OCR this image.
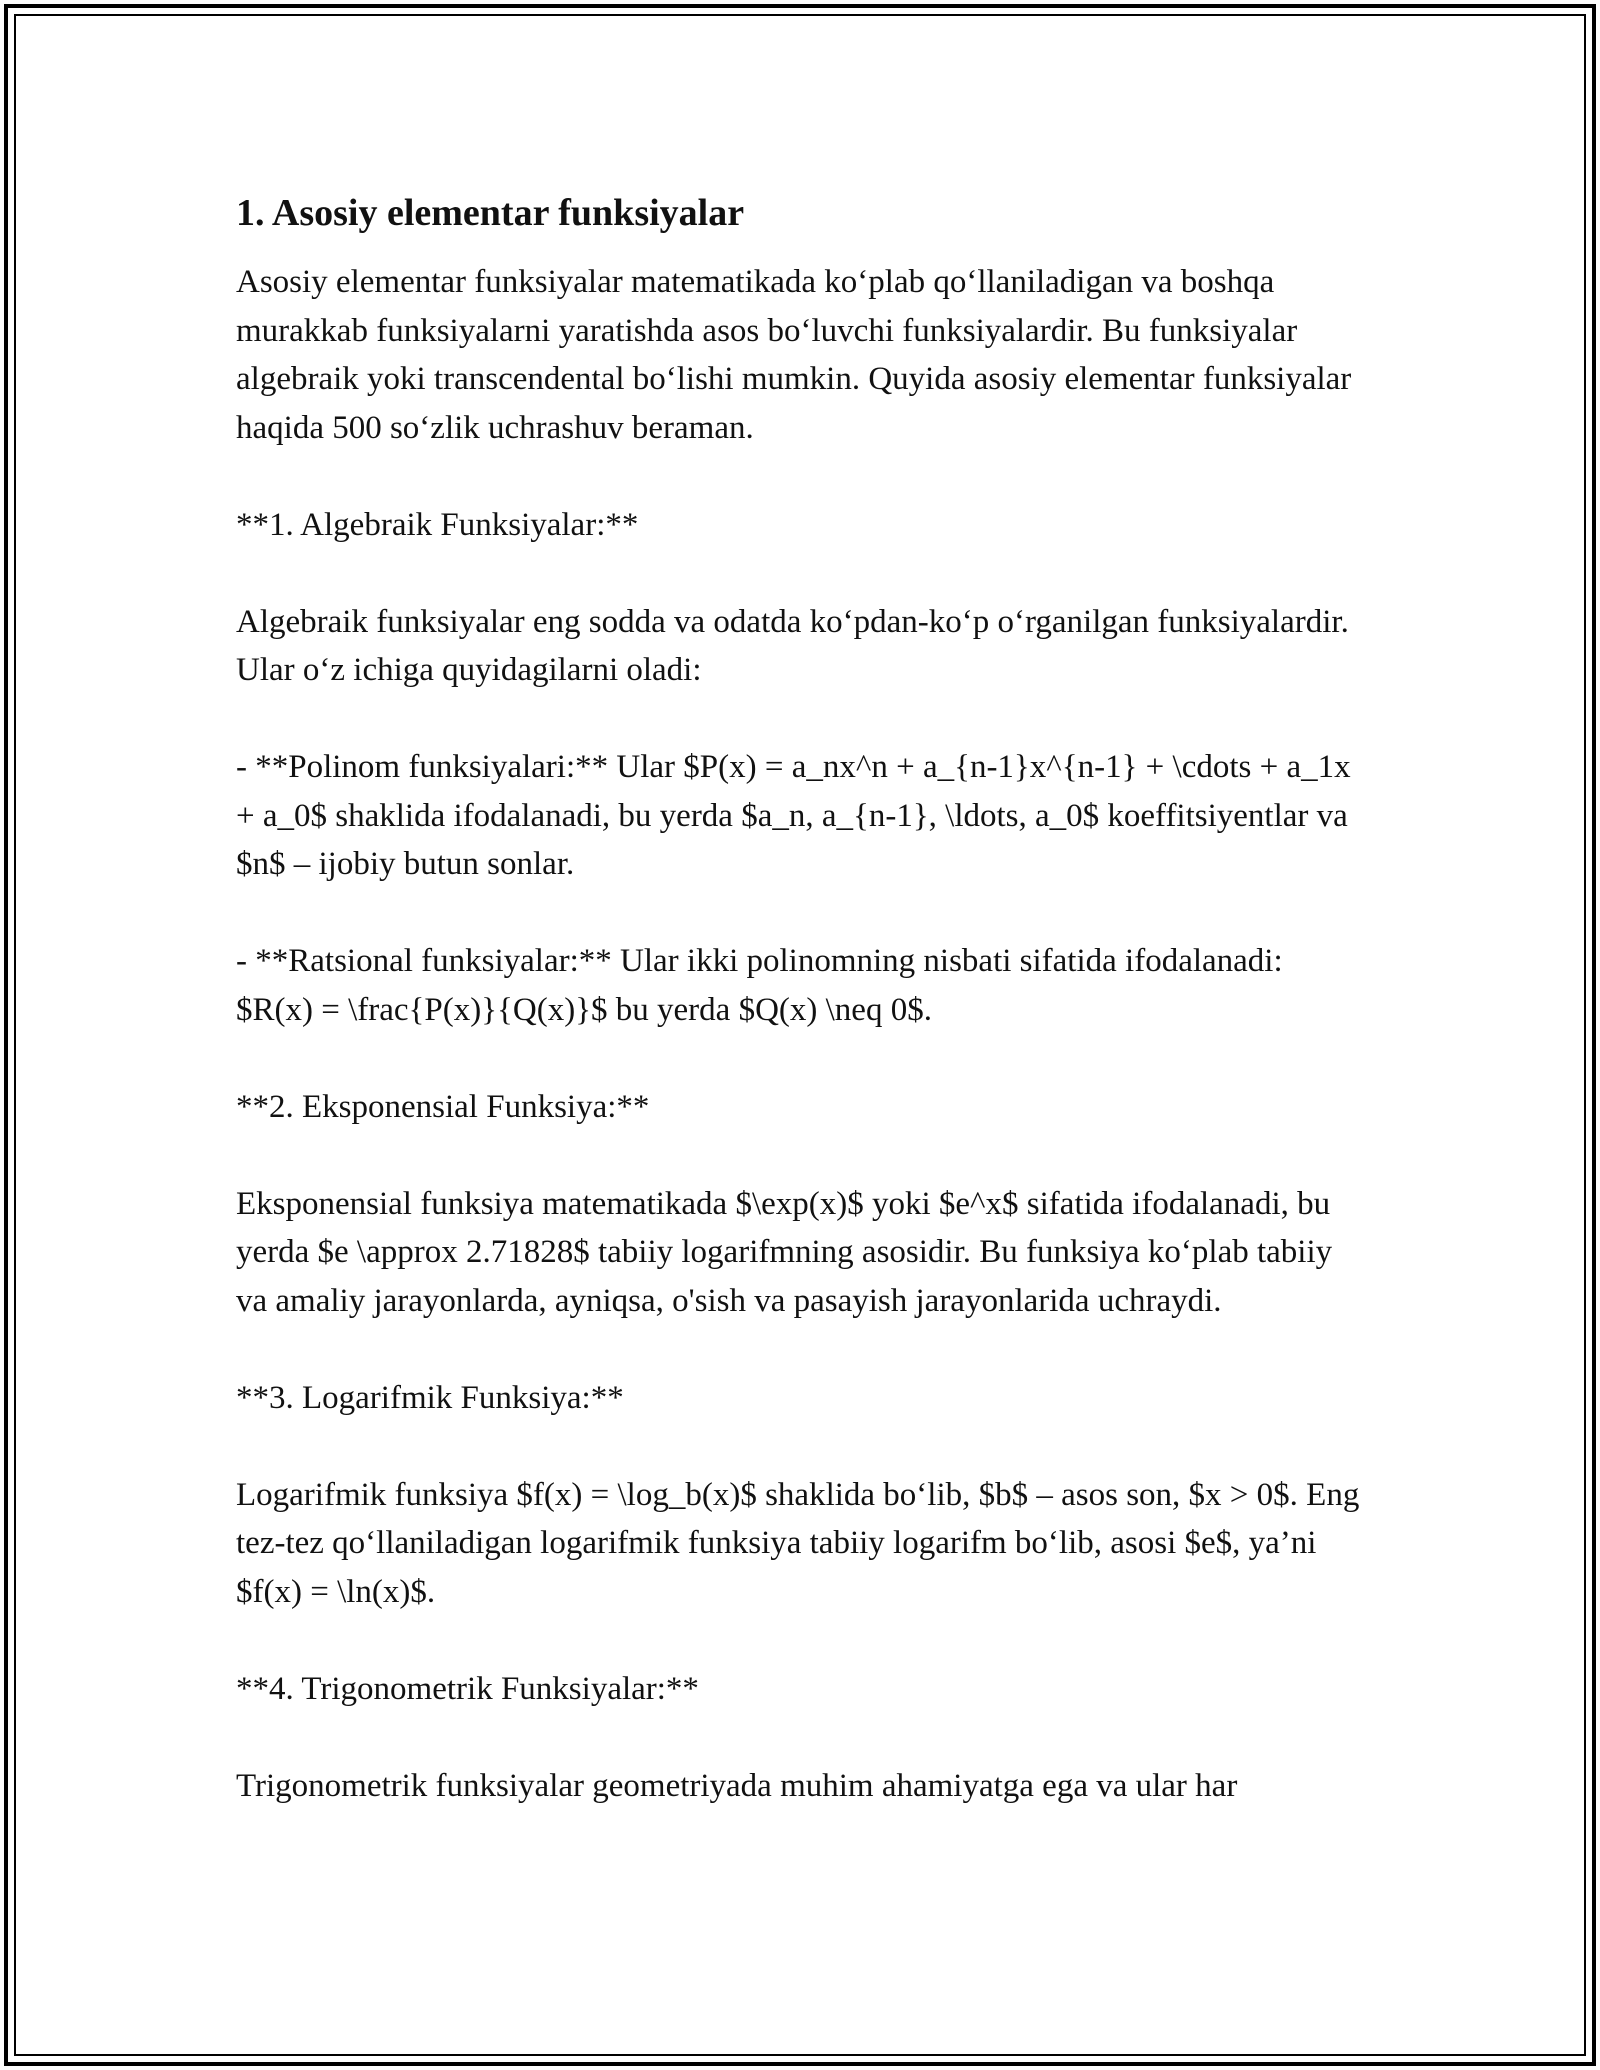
1. Asosiy elementar funksiyalar

Asosiy elementar funksiyalar matematikada ko‘plab qo‘llaniladigan va boshqa murakkab funksiyalarni yaratishda asos bo‘luvchi funksiyalardir. Bu funksiyalar algebraik yoki transcendental bo‘lishi mumkin. Quyida asosiy elementar funksiyalar haqida 500 so‘zlik uchrashuv beraman.

**1. Algebraik Funksiyalar:**

Algebraik funksiyalar eng sodda va odatda ko‘pdan-ko‘p o‘rganilgan funksiyalardir. Ular o‘z ichiga quyidagilarni oladi:

- **Polinom funksiyalari:** Ular $P(x) = a_nx^n + a_{n-1}x^{n-1} + \cdots + a_1x + a_0$ shaklida ifodalanadi, bu yerda $a_n, a_{n-1}, \ldots, a_0$ koeffitsiyentlar va $n$ – ijobiy butun sonlar.

- **Ratsional funksiyalar:** Ular ikki polinomning nisbati sifatida ifodalanadi: $R(x) = \frac{P(x)}{Q(x)}$ bu yerda $Q(x) \neq 0$.

**2. Eksponensial Funksiya:**

Eksponensial funksiya matematikada $\exp(x)$ yoki $e^x$ sifatida ifodalanadi, bu yerda $e \approx 2.71828$ tabiiy logarifmning asosidir. Bu funksiya ko‘plab tabiiy va amaliy jarayonlarda, ayniqsa, o'sish va pasayish jarayonlarida uchraydi.

**3. Logarifmik Funksiya:**

Logarifmik funksiya $f(x) = \log_b(x)$ shaklida bo‘lib, $b$ – asos son, $x > 0$. Eng tez-tez qo‘llaniladigan logarifmik funksiya tabiiy logarifm bo‘lib, asosi $e$, ya’ni $f(x) = \ln(x)$.

**4. Trigonometrik Funksiyalar:**

Trigonometrik funksiyalar geometriyada muhim ahamiyatga ega va ular har
